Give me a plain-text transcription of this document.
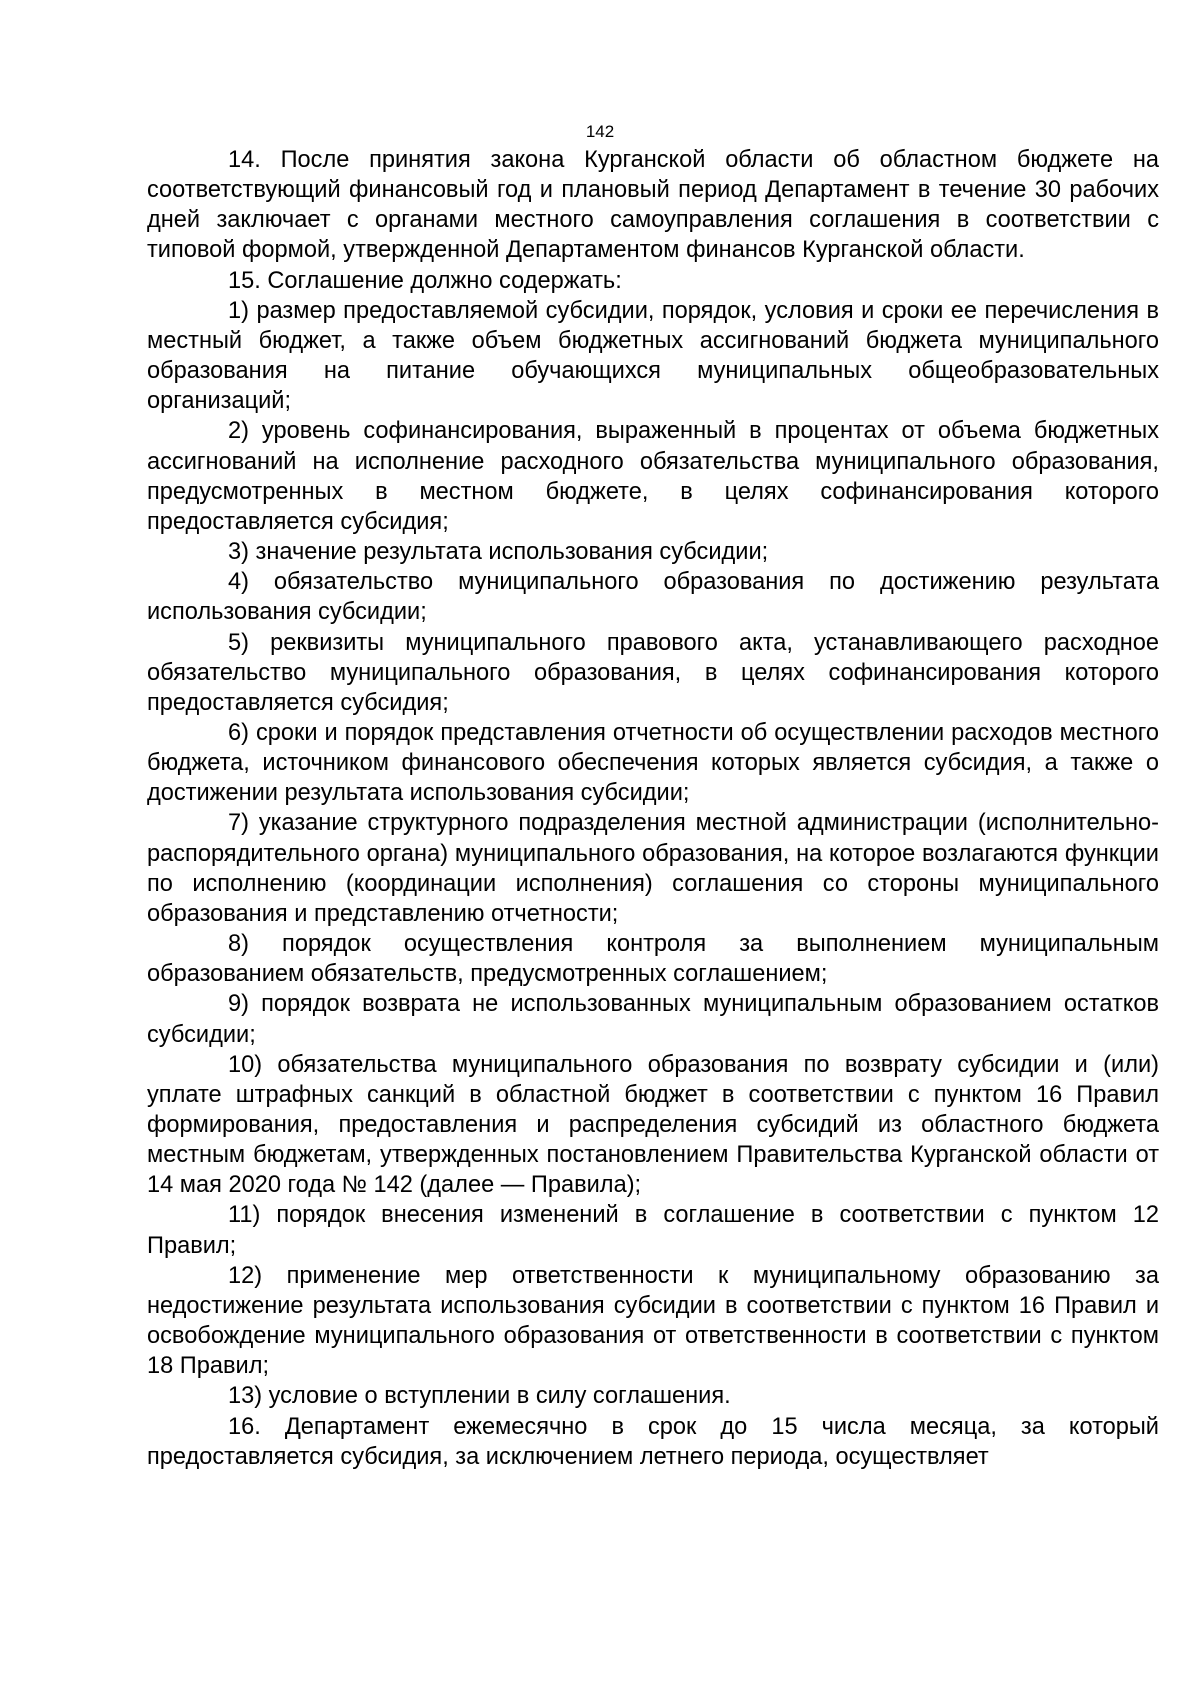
142

14. После принятия закона Курганской области об областном бюджете на соответствующий финансовый год и плановый период Департамент в течение 30 рабочих дней заключает с органами местного самоуправления соглашения в соответствии с типовой формой, утвержденной Департаментом финансов Курганской области.

15. Соглашение должно содержать:

1) размер предоставляемой субсидии, порядок, условия и сроки ее перечисления в местный бюджет, а также объем бюджетных ассигнований бюджета муниципального образования на питание обучающихся муниципальных общеобразовательных организаций;

2) уровень софинансирования, выраженный в процентах от объема бюджетных ассигнований на исполнение расходного обязательства муниципального образования, предусмотренных в местном бюджете, в целях софинансирования которого предоставляется субсидия;

3) значение результата использования субсидии;

4) обязательство муниципального образования по достижению результата использования субсидии;

5) реквизиты муниципального правового акта, устанавливающего расходное обязательство муниципального образования, в целях софинансирования которого предоставляется субсидия;

6) сроки и порядок представления отчетности об осуществлении расходов местного бюджета, источником финансового обеспечения которых является субсидия, а также о достижении результата использования субсидии;

7) указание структурного подразделения местной администрации (исполнительно-распорядительного органа) муниципального образования, на которое возлагаются функции по исполнению (координации исполнения) соглашения со стороны муниципального образования и представлению отчетности;

8) порядок осуществления контроля за выполнением муниципальным образованием обязательств, предусмотренных соглашением;

9) порядок возврата не использованных муниципальным образованием остатков субсидии;

10) обязательства муниципального образования по возврату субсидии и (или) уплате штрафных санкций в областной бюджет в соответствии с пунктом 16 Правил формирования, предоставления и распределения субсидий из областного бюджета местным бюджетам, утвержденных постановлением Правительства Курганской области от 14 мая 2020 года № 142 (далее — Правила);

11) порядок внесения изменений в соглашение в соответствии с пунктом 12 Правил;

12) применение мер ответственности к муниципальному образованию за недостижение результата использования субсидии в соответствии с пунктом 16 Правил и освобождение муниципального образования от ответственности в соответствии с пунктом 18 Правил;

13) условие о вступлении в силу соглашения.

16. Департамент ежемесячно в срок до 15 числа месяца, за который предоставляется субсидия, за исключением летнего периода, осуществляет
